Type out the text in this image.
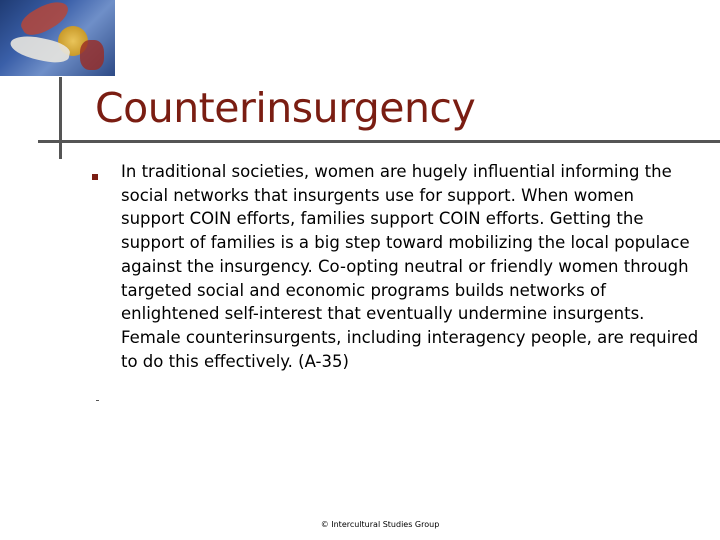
Counterinsurgency

In traditional societies, women are hugely influential informing the social networks that insurgents use for support. When women support COIN efforts, families support COIN efforts. Getting the support of families is a big step toward mobilizing the local populace against the insurgency. Co-opting neutral or friendly women through targeted social and economic programs builds networks of enlightened self-interest that eventually undermine insurgents. Female counterinsurgents, including interagency people, are required to do this effectively. (A-35)

© Intercultural Studies Group
